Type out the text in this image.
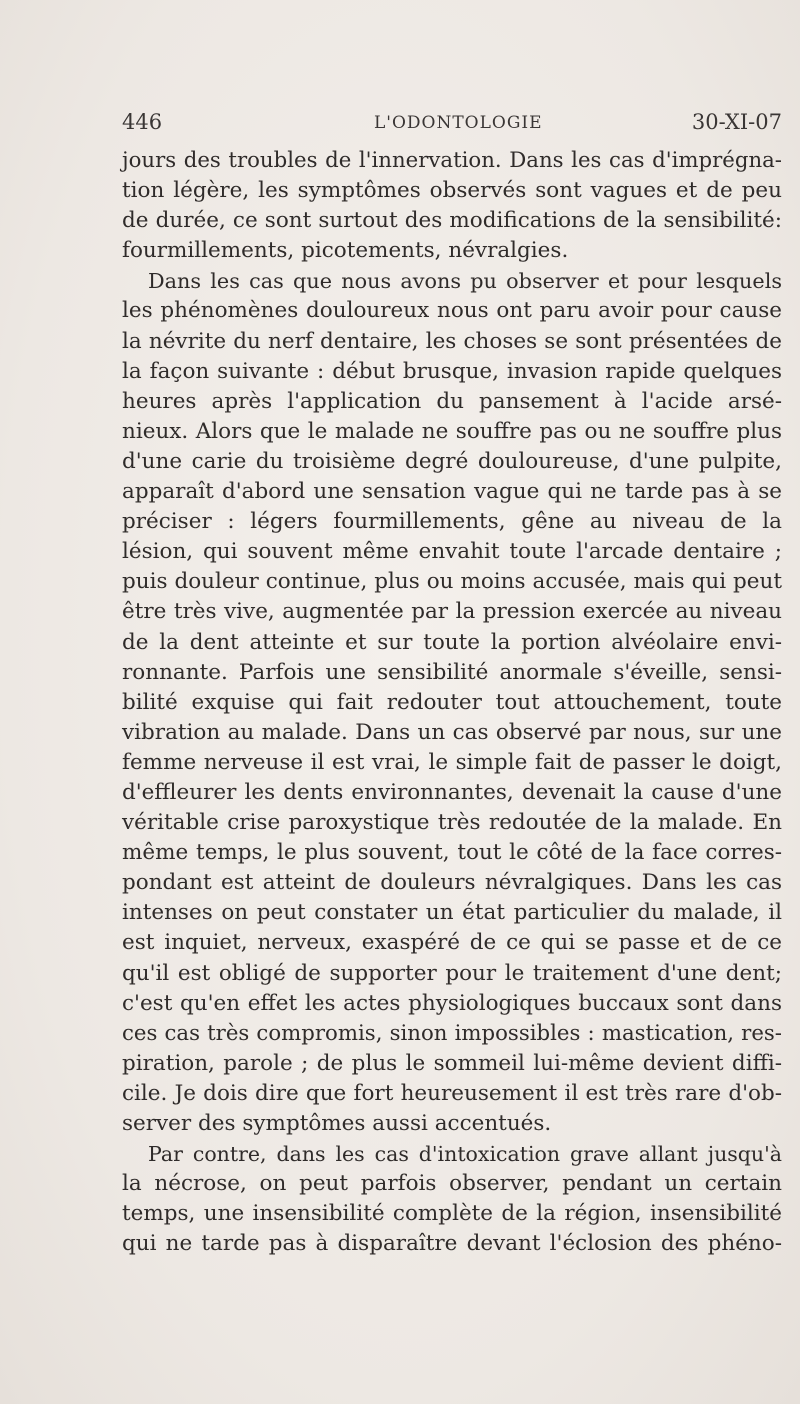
446	L'ODONTOLOGIE	30-XI-07

jours des troubles de l'innervation. Dans les cas d'imprégna-
tion légère, les symptômes observés sont vagues et de peu
de durée, ce sont surtout des modifications de la sensibilité:
fourmillements, picotements, névralgies.

Dans les cas que nous avons pu observer et pour lesquels
les phénomènes douloureux nous ont paru avoir pour cause
la névrite du nerf dentaire, les choses se sont présentées de
la façon suivante : début brusque, invasion rapide quelques
heures après l'application du pansement à l'acide arsé-
nieux. Alors que le malade ne souffre pas ou ne souffre plus
d'une carie du troisième degré douloureuse, d'une pulpite,
apparaît d'abord une sensation vague qui ne tarde pas à se
préciser : légers fourmillements, gêne au niveau de la
lésion, qui souvent même envahit toute l'arcade dentaire ;
puis douleur continue, plus ou moins accusée, mais qui peut
être très vive, augmentée par la pression exercée au niveau
de la dent atteinte et sur toute la portion alvéolaire envi-
ronnante. Parfois une sensibilité anormale s'éveille, sensi-
bilité exquise qui fait redouter tout attouchement, toute
vibration au malade. Dans un cas observé par nous, sur une
femme nerveuse il est vrai, le simple fait de passer le doigt,
d'effleurer les dents environnantes, devenait la cause d'une
véritable crise paroxystique très redoutée de la malade. En
même temps, le plus souvent, tout le côté de la face corres-
pondant est atteint de douleurs névralgiques. Dans les cas
intenses on peut constater un état particulier du malade, il
est inquiet, nerveux, exaspéré de ce qui se passe et de ce
qu'il est obligé de supporter pour le traitement d'une dent;
c'est qu'en effet les actes physiologiques buccaux sont dans
ces cas très compromis, sinon impossibles : mastication, res-
piration, parole ; de plus le sommeil lui-même devient diffi-
cile. Je dois dire que fort heureusement il est très rare d'ob-
server des symptômes aussi accentués.

Par contre, dans les cas d'intoxication grave allant jusqu'à
la nécrose, on peut parfois observer, pendant un certain
temps, une insensibilité complète de la région, insensibilité
qui ne tarde pas à disparaître devant l'éclosion des phéno-
